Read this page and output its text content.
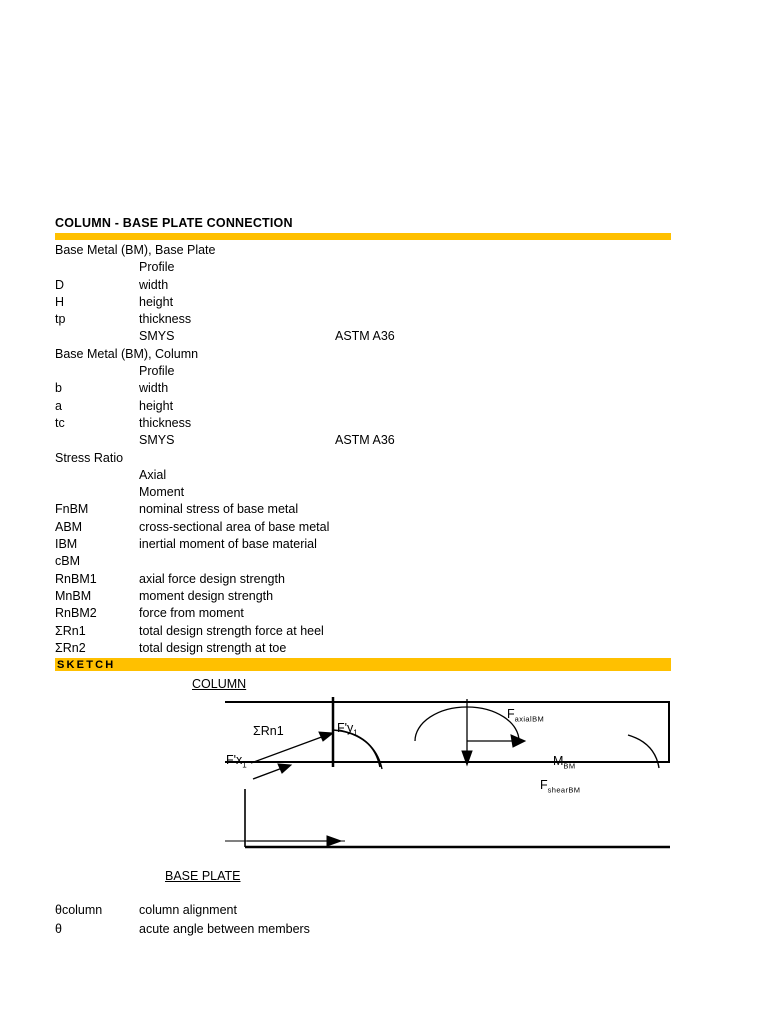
COLUMN - BASE PLATE CONNECTION
Base Metal (BM), Base Plate
Profile
D	width
H	height
tp	thickness
SMYS	ASTM A36
Base Metal (BM), Column
Profile
b	width
a	height
tc	thickness
SMYS	ASTM A36
Stress Ratio
Axial
Moment
FnBM	nominal stress of base metal
ABM	cross-sectional area of base metal
IBM	inertial moment of base material
cBM
RnBM1	axial force design strength
MnBM	moment design strength
RnBM2	force from moment
ΣRn1	total design strength force at heel
ΣRn2	total design strength at toe
SKETCH
COLUMN
BASE PLATE
ΣRn1
$F'x_1$
$F'y_1$
$F_{axialBM}$
$M_{BM}$
$F_{shearBM}$
θcolumn	column alignment
θ	acute angle between members
